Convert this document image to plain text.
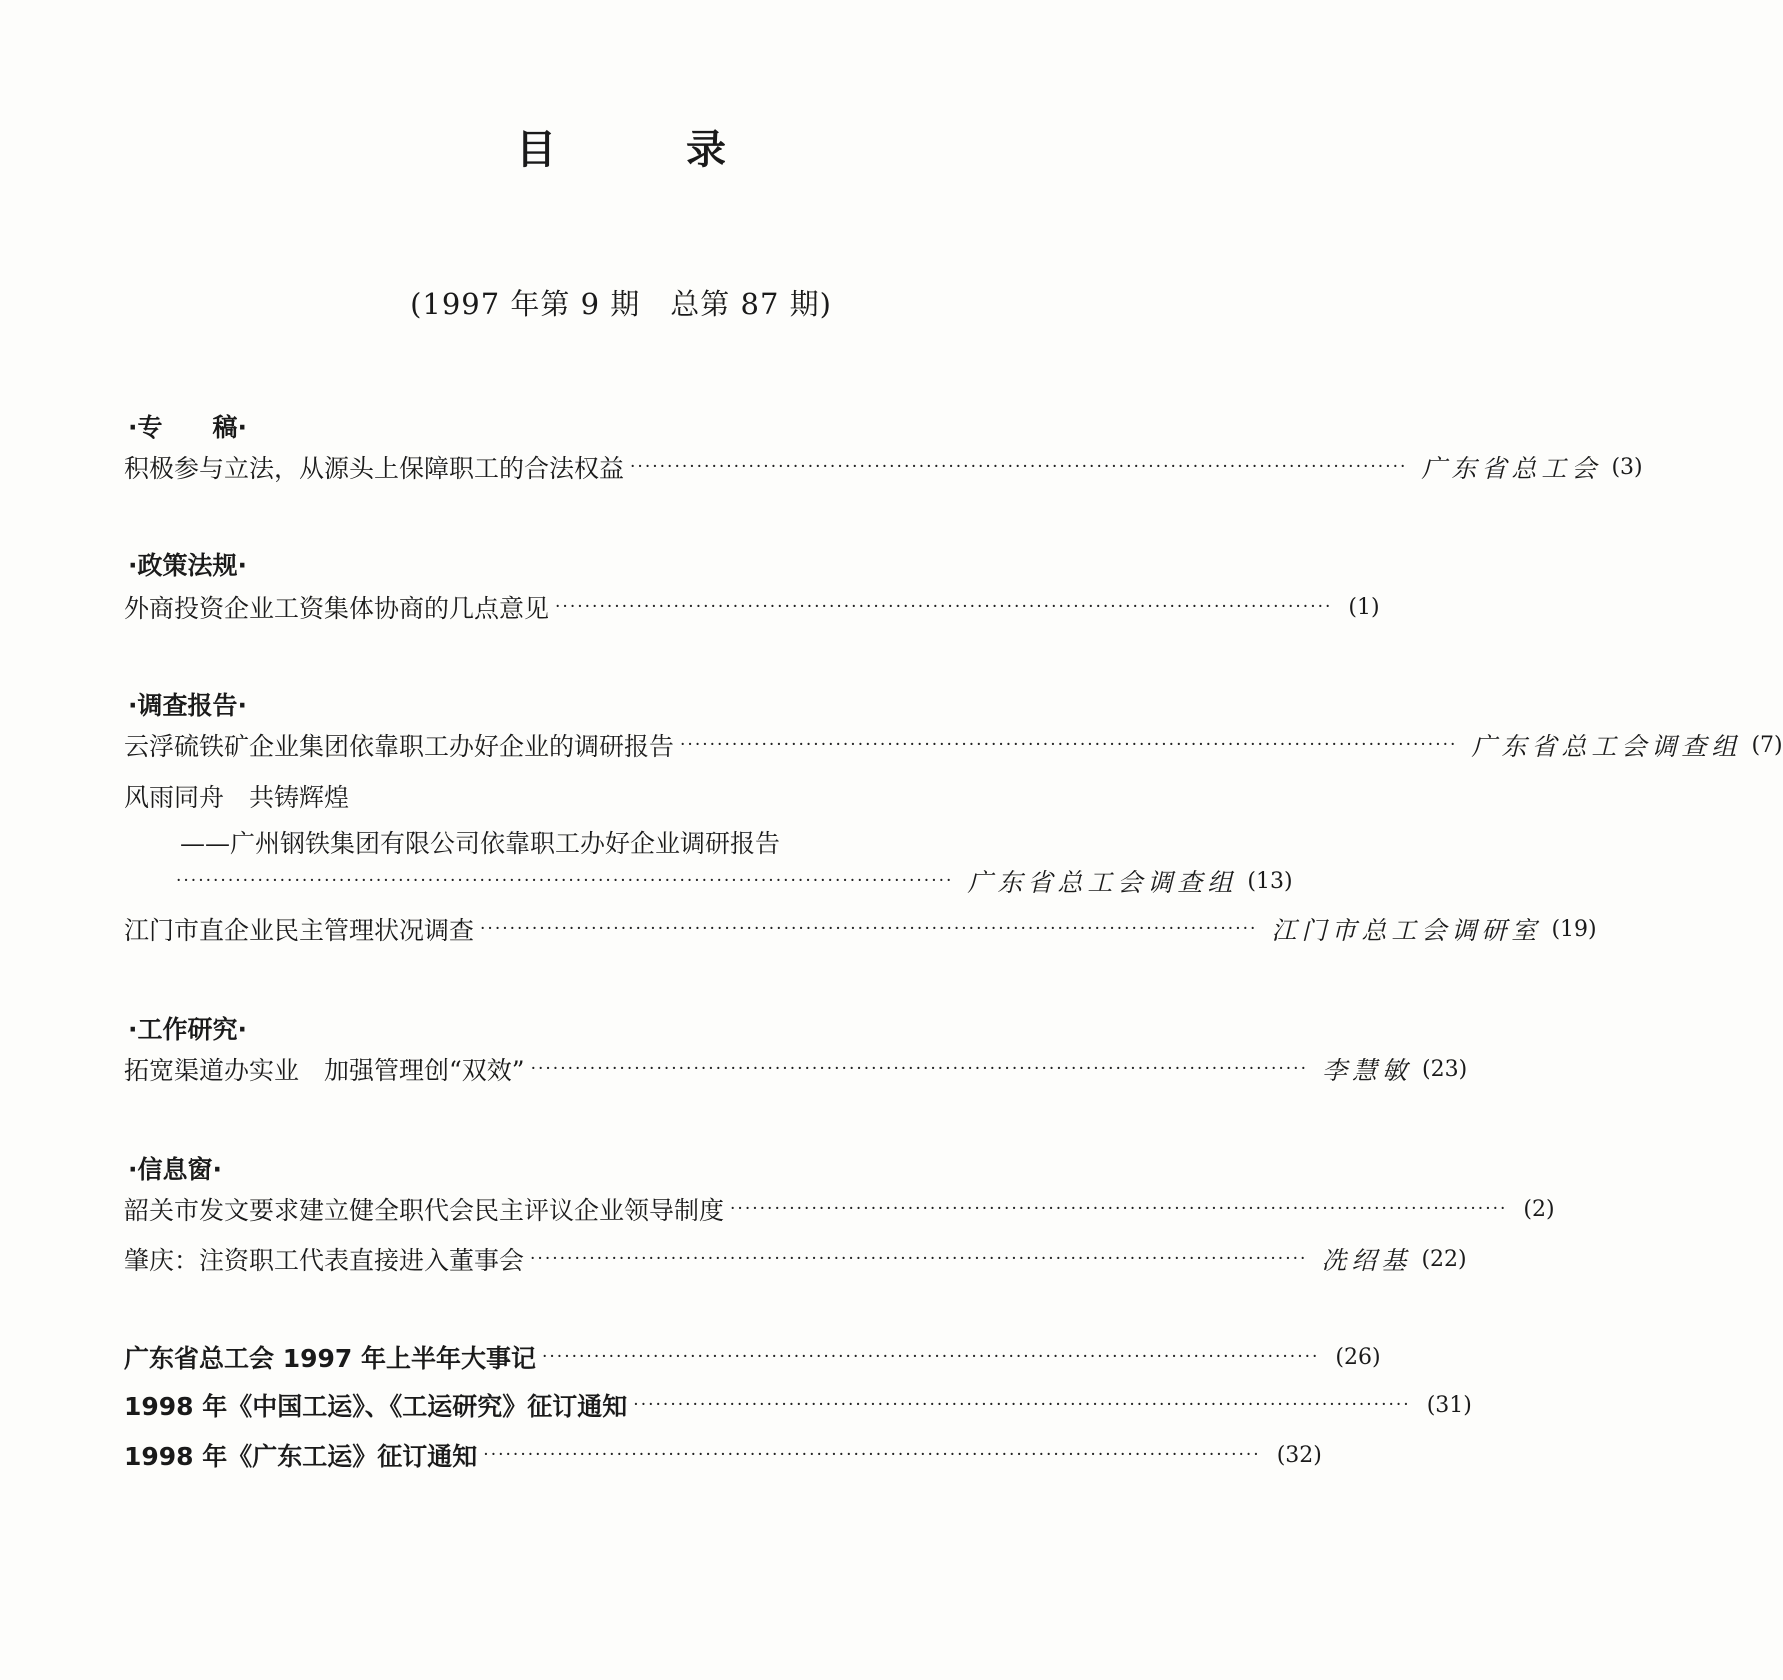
目	录
(1997 年第 9 期　总第 87 期)
·专　　稿·
积极参与立法，从源头上保障职工的合法权益 ········································································································· 广东省总工会 (3)
·政策法规·
外商投资企业工资集体协商的几点意见 ········································································································· (1)
·调查报告·
云浮硫铁矿企业集团依靠职工办好企业的调研报告 ········································································································· 广东省总工会调查组 (7)
风雨同舟　共铸辉煌
——广州钢铁集团有限公司依靠职工办好企业调研报告
········································································································· 广东省总工会调查组 (13)
江门市直企业民主管理状况调查 ········································································································· 江门市总工会调研室 (19)
·工作研究·
拓宽渠道办实业　加强管理创“双效” ········································································································· 李慧敏 (23)
·信息窗·
韶关市发文要求建立健全职代会民主评议企业领导制度 ········································································································· (2)
肇庆：注资职工代表直接进入董事会 ········································································································· 冼绍基 (22)
广东省总工会 1997 年上半年大事记 ········································································································· (26)
1998 年《中国工运》、《工运研究》征订通知 ········································································································· (31)
1998 年《广东工运》征订通知 ········································································································· (32)
